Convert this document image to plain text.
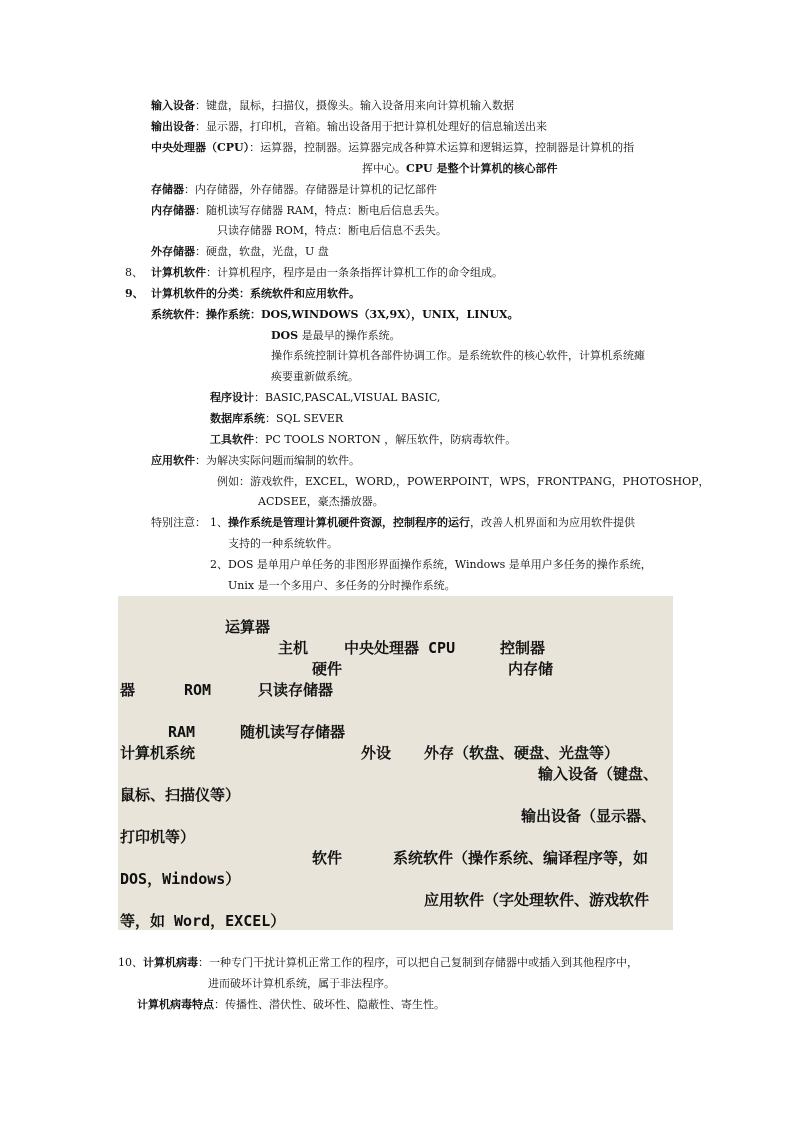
输入设备：键盘，鼠标，扫描仪，摄像头。输入设备用来向计算机输入数据
输出设备：显示器，打印机，音箱。输出设备用于把计算机处理好的信息输送出来
中央处理器（CPU）：运算器，控制器。运算器完成各种算术运算和逻辑运算，控制器是计算机的指
挥中心。CPU 是整个计算机的核心部件
存储器：内存储器，外存储器。存储器是计算机的记忆部件
内存储器：随机读写存储器 RAM，特点：断电后信息丢失。
只读存储器 ROM，特点：断电后信息不丢失。
外存储器：硬盘，软盘，光盘，U 盘
8、 计算机软件：计算机程序，程序是由一条条指挥计算机工作的命令组成。
9、 计算机软件的分类：系统软件和应用软件。
系统软件：操作系统：DOS,WINDOWS（3X,9X），UNIX，LINUX。
DOS 是最早的操作系统。
操作系统控制计算机各部件协调工作。是系统软件的核心软件，计算机系统瘫
痪要重新做系统。
程序设计：BASIC,PASCAL,VISUAL BASIC,
数据库系统：SQL SEVER
工具软件：PC TOOLS NORTON ，解压软件，防病毒软件。
应用软件：为解决实际问题而编制的软件。
例如：游戏软件，EXCEL，WORD,，POWERPOINT，WPS，FRONTPANG，PHOTOSHOP，
ACDSEE，豪杰播放器。
特别注意： 1、操作系统是管理计算机硬件资源，控制程序的运行，改善人机界面和为应用软件提供
支持的一种系统软件。
2、DOS 是单用户单任务的非图形界面操作系统，Windows 是单用户多任务的操作系统，
Unix 是一个多用户、多任务的分时操作系统。
运算器
主机 中央处理器 CPU	控制器
硬件	内存储
器	ROM	只读存储器
RAM	随机读写存储器
计算机系统	外设 外存（软盘、硬盘、光盘等）
输入设备（键盘、
鼠标、扫描仪等）
输出设备（显示器、
打印机等）
软件	系统软件（操作系统、编译程序等，如
DOS，Windows）
应用软件（字处理软件、游戏软件
等，如 Word，EXCEL）
10、计算机病毒：一种专门干扰计算机正常工作的程序，可以把自己复制到存储器中或插入到其他程序中，
进而破坏计算机系统，属于非法程序。
计算机病毒特点：传播性、潜伏性、破坏性、隐蔽性、寄生性。
